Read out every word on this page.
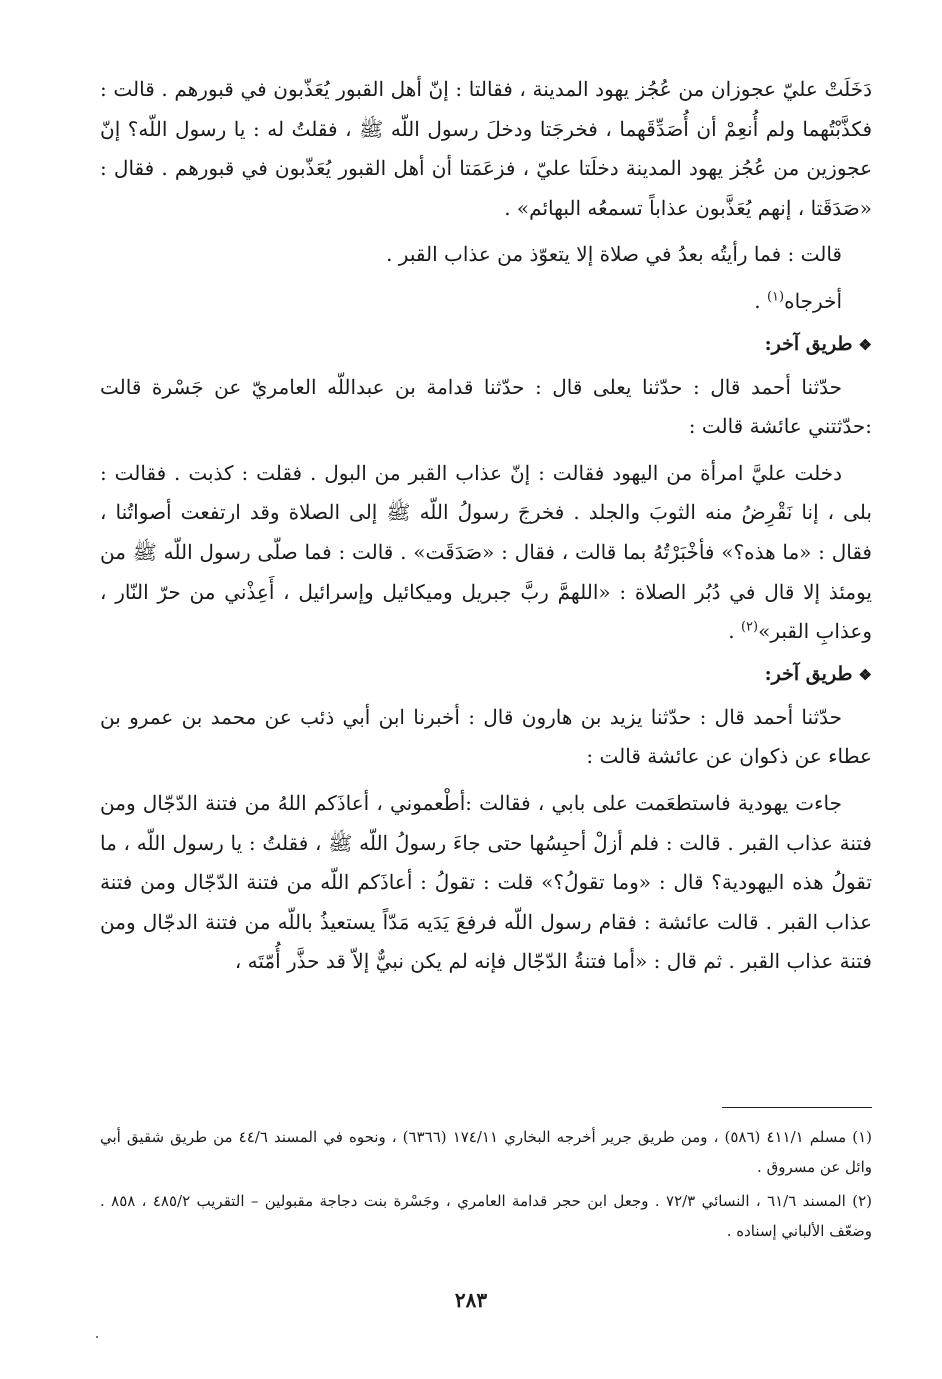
دَخَلَتْ عليّ عجوزان من عُجُز يهود المدينة ، فقالتا : إنّ أهل القبور يُعَذّبون في قبورهم . قالت : فكذَّبْتُهما ولم أُنعِمْ أن أُصَدِّقَهما ، فخرجَتا ودخلَ رسول اللّه ﷺ ، فقلتُ له : يا رسول اللّه؟ إنّ عجوزين من عُجُز يهود المدينة دخلَتا عليّ ، فزعَمَتا أن أهل القبور يُعَذّبون في قبورهم . فقال : «صَدَقَتا ، إنهم يُعَذَّبون عذاباً تسمعُه البهائم» .

قالت : فما رأيتُه بعدُ في صلاة إلا يتعوّذ من عذاب القبر .

أخرجاه$^{(١)}$ .

❖طريق آخر:

حدّثنا أحمد قال : حدّثنا يعلى قال : حدّثنا قدامة بن عبداللّه العامريّ عن جَسْرة قالت :حدّثتني عائشة قالت :

دخلت عليَّ امرأة من اليهود فقالت : إنّ عذاب القبر من البول . فقلت : كذبت . فقالت : بلى ، إنا نَقْرِضُ منه الثوبَ والجلد . فخرجَ رسولُ اللّه ﷺ إلى الصلاة وقد ارتفعت أصواتُنا ، فقال : «ما هذه؟» فأخْبَرْتُهُ بما قالت ، فقال : «صَدَقَت» . قالت : فما صلّى رسول اللّه ﷺ من يومئذ إلا قال في دُبُر الصلاة : «اللهمَّ ربَّ جبريل وميكائيل وإسرائيل ، أَعِذْني من حرّ النّار ، وعذابِ القبر»$^{(٢)}$ .

❖طريق آخر:

حدّثنا أحمد قال : حدّثنا يزيد بن هارون قال : أخبرنا ابن أبي ذئب عن محمد بن عمرو بن عطاء عن ذكوان عن عائشة قالت :

جاءت يهودية فاستطعَمت على بابي ، فقالت :أطْعموني ، أعاذَكم اللهُ من فتنة الدّجّال ومن فتنة عذاب القبر . قالت : فلم أزلْ أحبِسُها حتى جاءَ رسولُ اللّه ﷺ ، فقلتُ : يا رسول اللّه ، ما تقولُ هذه اليهودية؟ قال : «وما تقولُ؟» قلت : تقولُ : أعاذَكم اللّه من فتنة الدّجّال ومن فتنة عذاب القبر . قالت عائشة : فقام رسول اللّه فرفعَ يَدَيه مَدّاً يستعيذُ باللّه من فتنة الدجّال ومن فتنة عذاب القبر . ثم قال : «أما فتنةُ الدّجّال فإنه لم يكن نبيٌّ إلاّ قد حذَّر أُمّتَه ،

(١) مسلم ٤١١/١ (٥٨٦) ، ومن طريق جرير أخرجه البخاري ١٧٤/١١ (٦٣٦٦) ، ونحوه في المسند ٤٤/٦ من طريق شقيق أبي وائل عن مسروق .

(٢) المسند ٦١/٦ ، النسائي ٧٢/٣ . وجعل ابن حجر قدامة العامري ، وجَسْرة بنت دجاجة مقبولين – التقريب ٤٨٥/٢ ، ٨٥٨ . وضعّف الألباني إسناده .

٢٨٣
